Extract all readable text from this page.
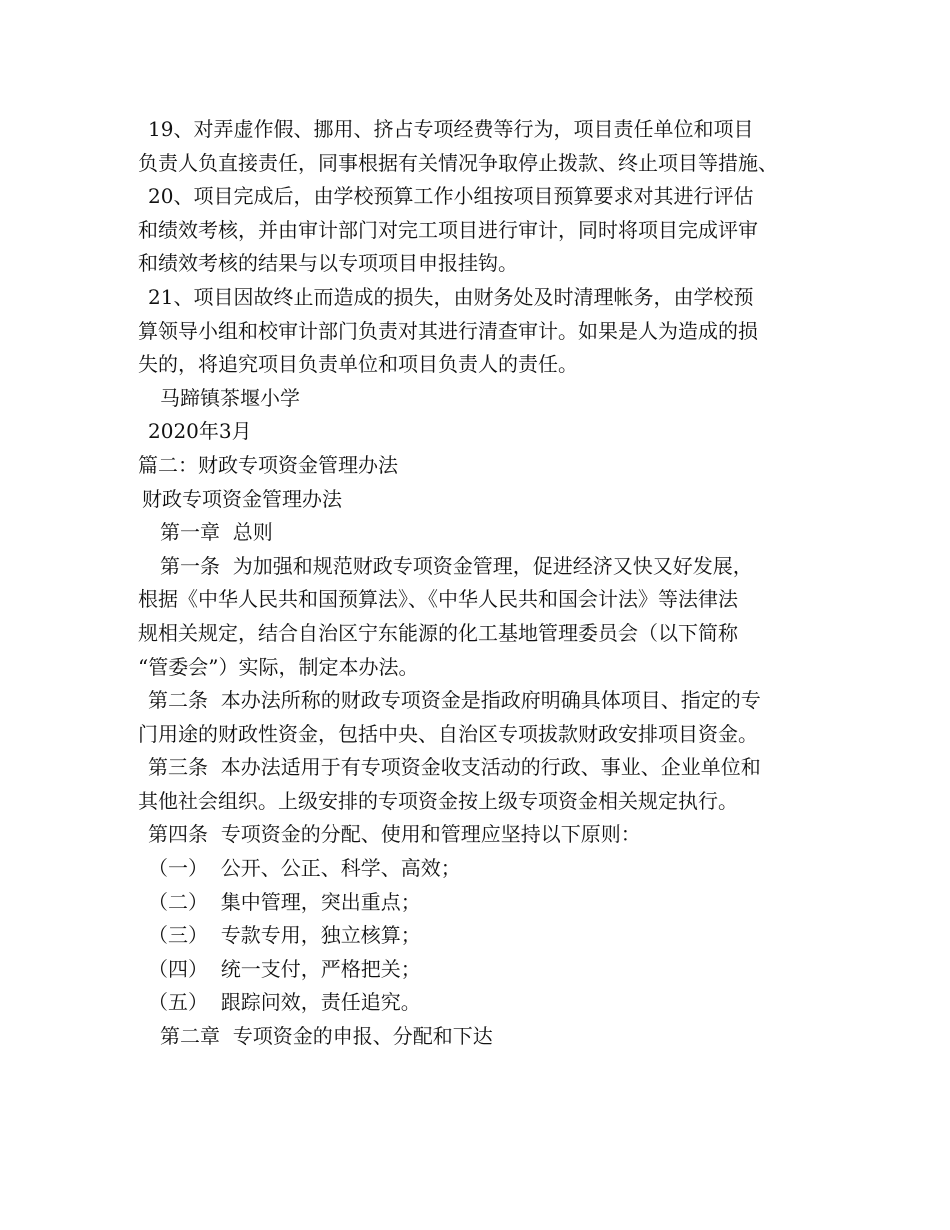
19、对弄虚作假、挪用、挤占专项经费等行为，项目责任单位和项目
负责人负直接责任，同事根据有关情况争取停止拨款、终止项目等措施、
20、项目完成后，由学校预算工作小组按项目预算要求对其进行评估
和绩效考核，并由审计部门对完工项目进行审计，同时将项目完成评审
和绩效考核的结果与以专项项目申报挂钩。
21、项目因故终止而造成的损失，由财务处及时清理帐务，由学校预
算领导小组和校审计部门负责对其进行清查审计。如果是人为造成的损
失的，将追究项目负责单位和项目负责人的责任。
马蹄镇茶堰小学
2020年3月
篇二：财政专项资金管理办法
财政专项资金管理办法
第一章  总则
第一条  为加强和规范财政专项资金管理，促进经济又快又好发展，
根据《中华人民共和国预算法》、《中华人民共和国会计法》等法律法
规相关规定，结合自治区宁东能源的化工基地管理委员会（以下简称
“管委会”）实际，制定本办法。
第二条  本办法所称的财政专项资金是指政府明确具体项目、指定的专
门用途的财政性资金，包括中央、自治区专项拔款财政安排项目资金。
第三条  本办法适用于有专项资金收支活动的行政、事业、企业单位和
其他社会组织。上级安排的专项资金按上级专项资金相关规定执行。
第四条  专项资金的分配、使用和管理应坚持以下原则：
（一）  公开、公正、科学、高效；
（二）  集中管理，突出重点；
（三）  专款专用，独立核算；
（四）  统一支付，严格把关；
（五）  跟踪问效，责任追究。
第二章  专项资金的申报、分配和下达
